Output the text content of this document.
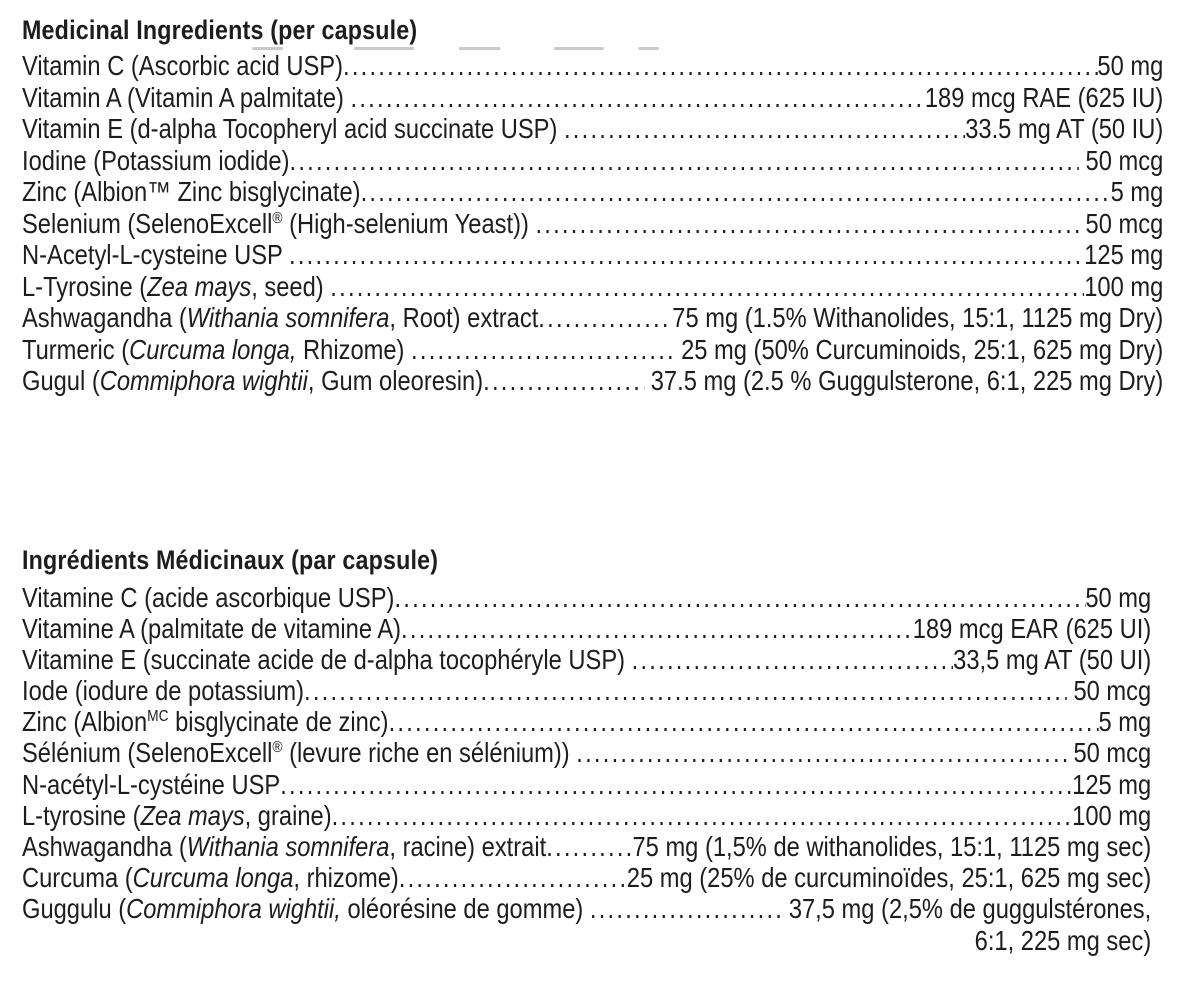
Medicinal Ingredients (per capsule)
Vitamin C (Ascorbic acid USP) .....	50 mg
Vitamin A (Vitamin A palmitate) .....	189 mcg RAE (625 IU)
Vitamin E (d-alpha Tocopheryl acid succinate USP) .....	33.5 mg AT (50 IU)
Iodine (Potassium iodide) .....	50 mcg
Zinc (Albion™ Zinc bisglycinate) .....	5 mg
Selenium (SelenoExcell® (High-selenium Yeast)) .....	50 mcg
N-Acetyl-L-cysteine USP .....	125 mg
L-Tyrosine (Zea mays, seed) .....	100 mg
Ashwagandha (Withania somnifera, Root) extract .....	75 mg (1.5% Withanolides, 15:1, 1125 mg Dry)
Turmeric (Curcuma longa, Rhizome) .....	25 mg (50% Curcuminoids, 25:1, 625 mg Dry)
Gugul (Commiphora wightii, Gum oleoresin) .....	37.5 mg (2.5 % Guggulsterone, 6:1, 225 mg Dry)
Ingrédients Médicinaux (par capsule)
Vitamine C (acide ascorbique USP) .....	50 mg
Vitamine A (palmitate de vitamine A) .....	189 mcg EAR (625 UI)
Vitamine E (succinate acide de d-alpha tocophéryle USP) .....	33,5 mg AT (50 UI)
Iode (iodure de potassium) .....	50 mcg
Zinc (Albion$^{MC}$ bisglycinate de zinc) .....	5 mg
Sélénium (SelenoExcell® (levure riche en sélénium)) .....	50 mcg
N-acétyl-L-cystéine USP .....	125 mg
L-tyrosine (Zea mays, graine) .....	100 mg
Ashwagandha (Withania somnifera, racine) extrait .....	75 mg (1,5% de withanolides, 15:1, 1125 mg sec)
Curcuma (Curcuma longa, rhizome) .....	25 mg (25% de curcuminoïdes, 25:1, 625 mg sec)
Guggulu (Commiphora wightii, oléorésine de gomme) .....	37,5 mg (2,5% de guggulstérones,
6:1, 225 mg sec)
